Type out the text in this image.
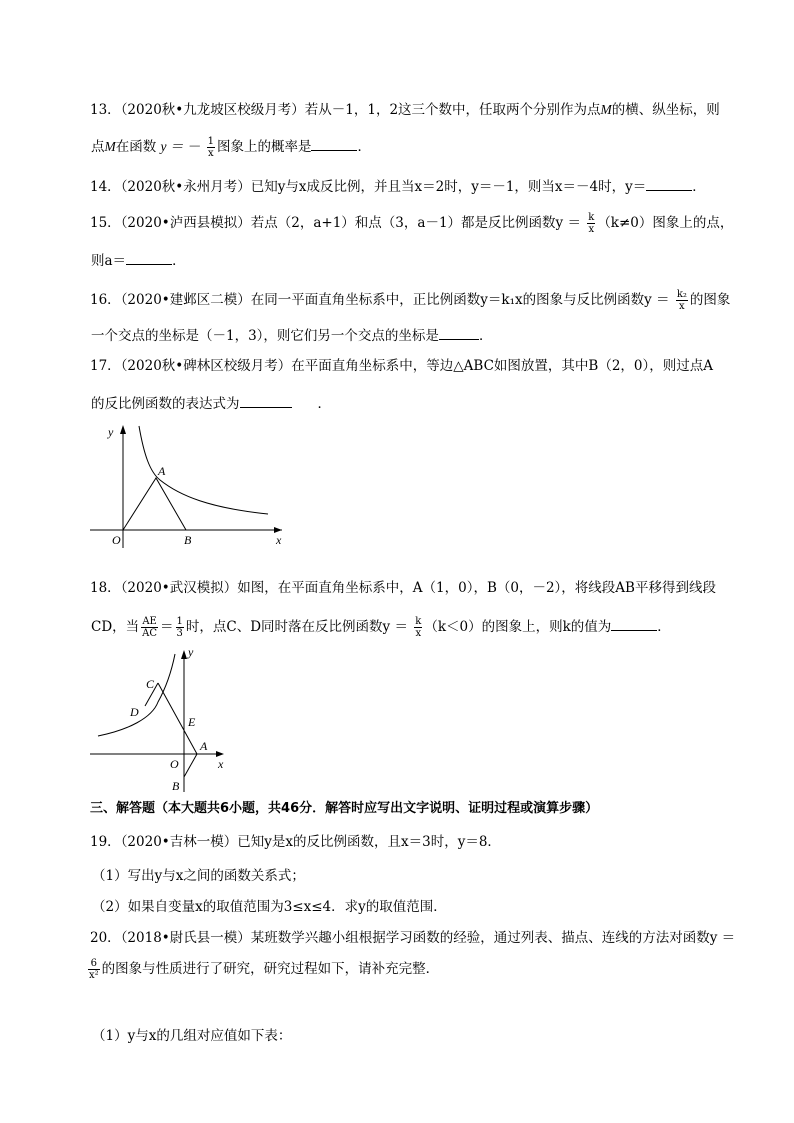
13．（2020秋•九龙坡区校级月考）若从－1，1，2这三个数中，任取两个分别作为点M的横、纵坐标，则
点M在函数 y ＝ － $\frac{1}{x}$ 图象上的概率是	．
14．（2020秋•永州月考）已知y与x成反比例，并且当x＝2时，y＝－1，则当x＝－4时，y＝	．
15．（2020•泸西县模拟）若点（2，a+1）和点（3，a－1）都是反比例函数$y = \frac{k}{x} (k\ne 0)$图象上的点，
则a＝	．
16．（2020•建邺区二模）在同一平面直角坐标系中，正比例函数y＝k₁x的图象与反比例函数$y = \frac{\text{k₂}}{x}$ 的图象
一个交点的坐标是（－1，3），则它们另一个交点的坐标是	．
17．（2020秋•碑林区校级月考）在平面直角坐标系中，等边△ABC如图放置，其中B（2，0），则过点A
的反比例函数的表达式为	．
y
A
O	B	x
18．（2020•武汉模拟）如图，在平面直角坐标系中，A（1，0），B（0，－2），将线段AB平移得到线段
CD，当 $\frac{AE}{AC} = \frac{1}{3}$ 时，点C、D同时落在反比例函数$y = \frac{k}{x} (k<0)$的图象上，则k的值为	．
y
C
D
E
A
O
B
x
三、解答题（本大题共6小题，共46分．解答时应写出文字说明、证明过程或演算步骤）
19．（2020•吉林一模）已知y是x的反比例函数，且x＝3时，y＝8．
（1）写出y与x之间的函数关系式；
（2）如果自变量x的取值范围为3≤x≤4．求y的取值范围．
20．（2018•尉氏县一模）某班数学兴趣小组根据学习函数的经验，通过列表、描点、连线的方法对函数y ＝
$\frac{6}{\text{x²}}$ 的图象与性质进行了研究，研究过程如下，请补充完整．
（1）y与x的几组对应值如下表：
